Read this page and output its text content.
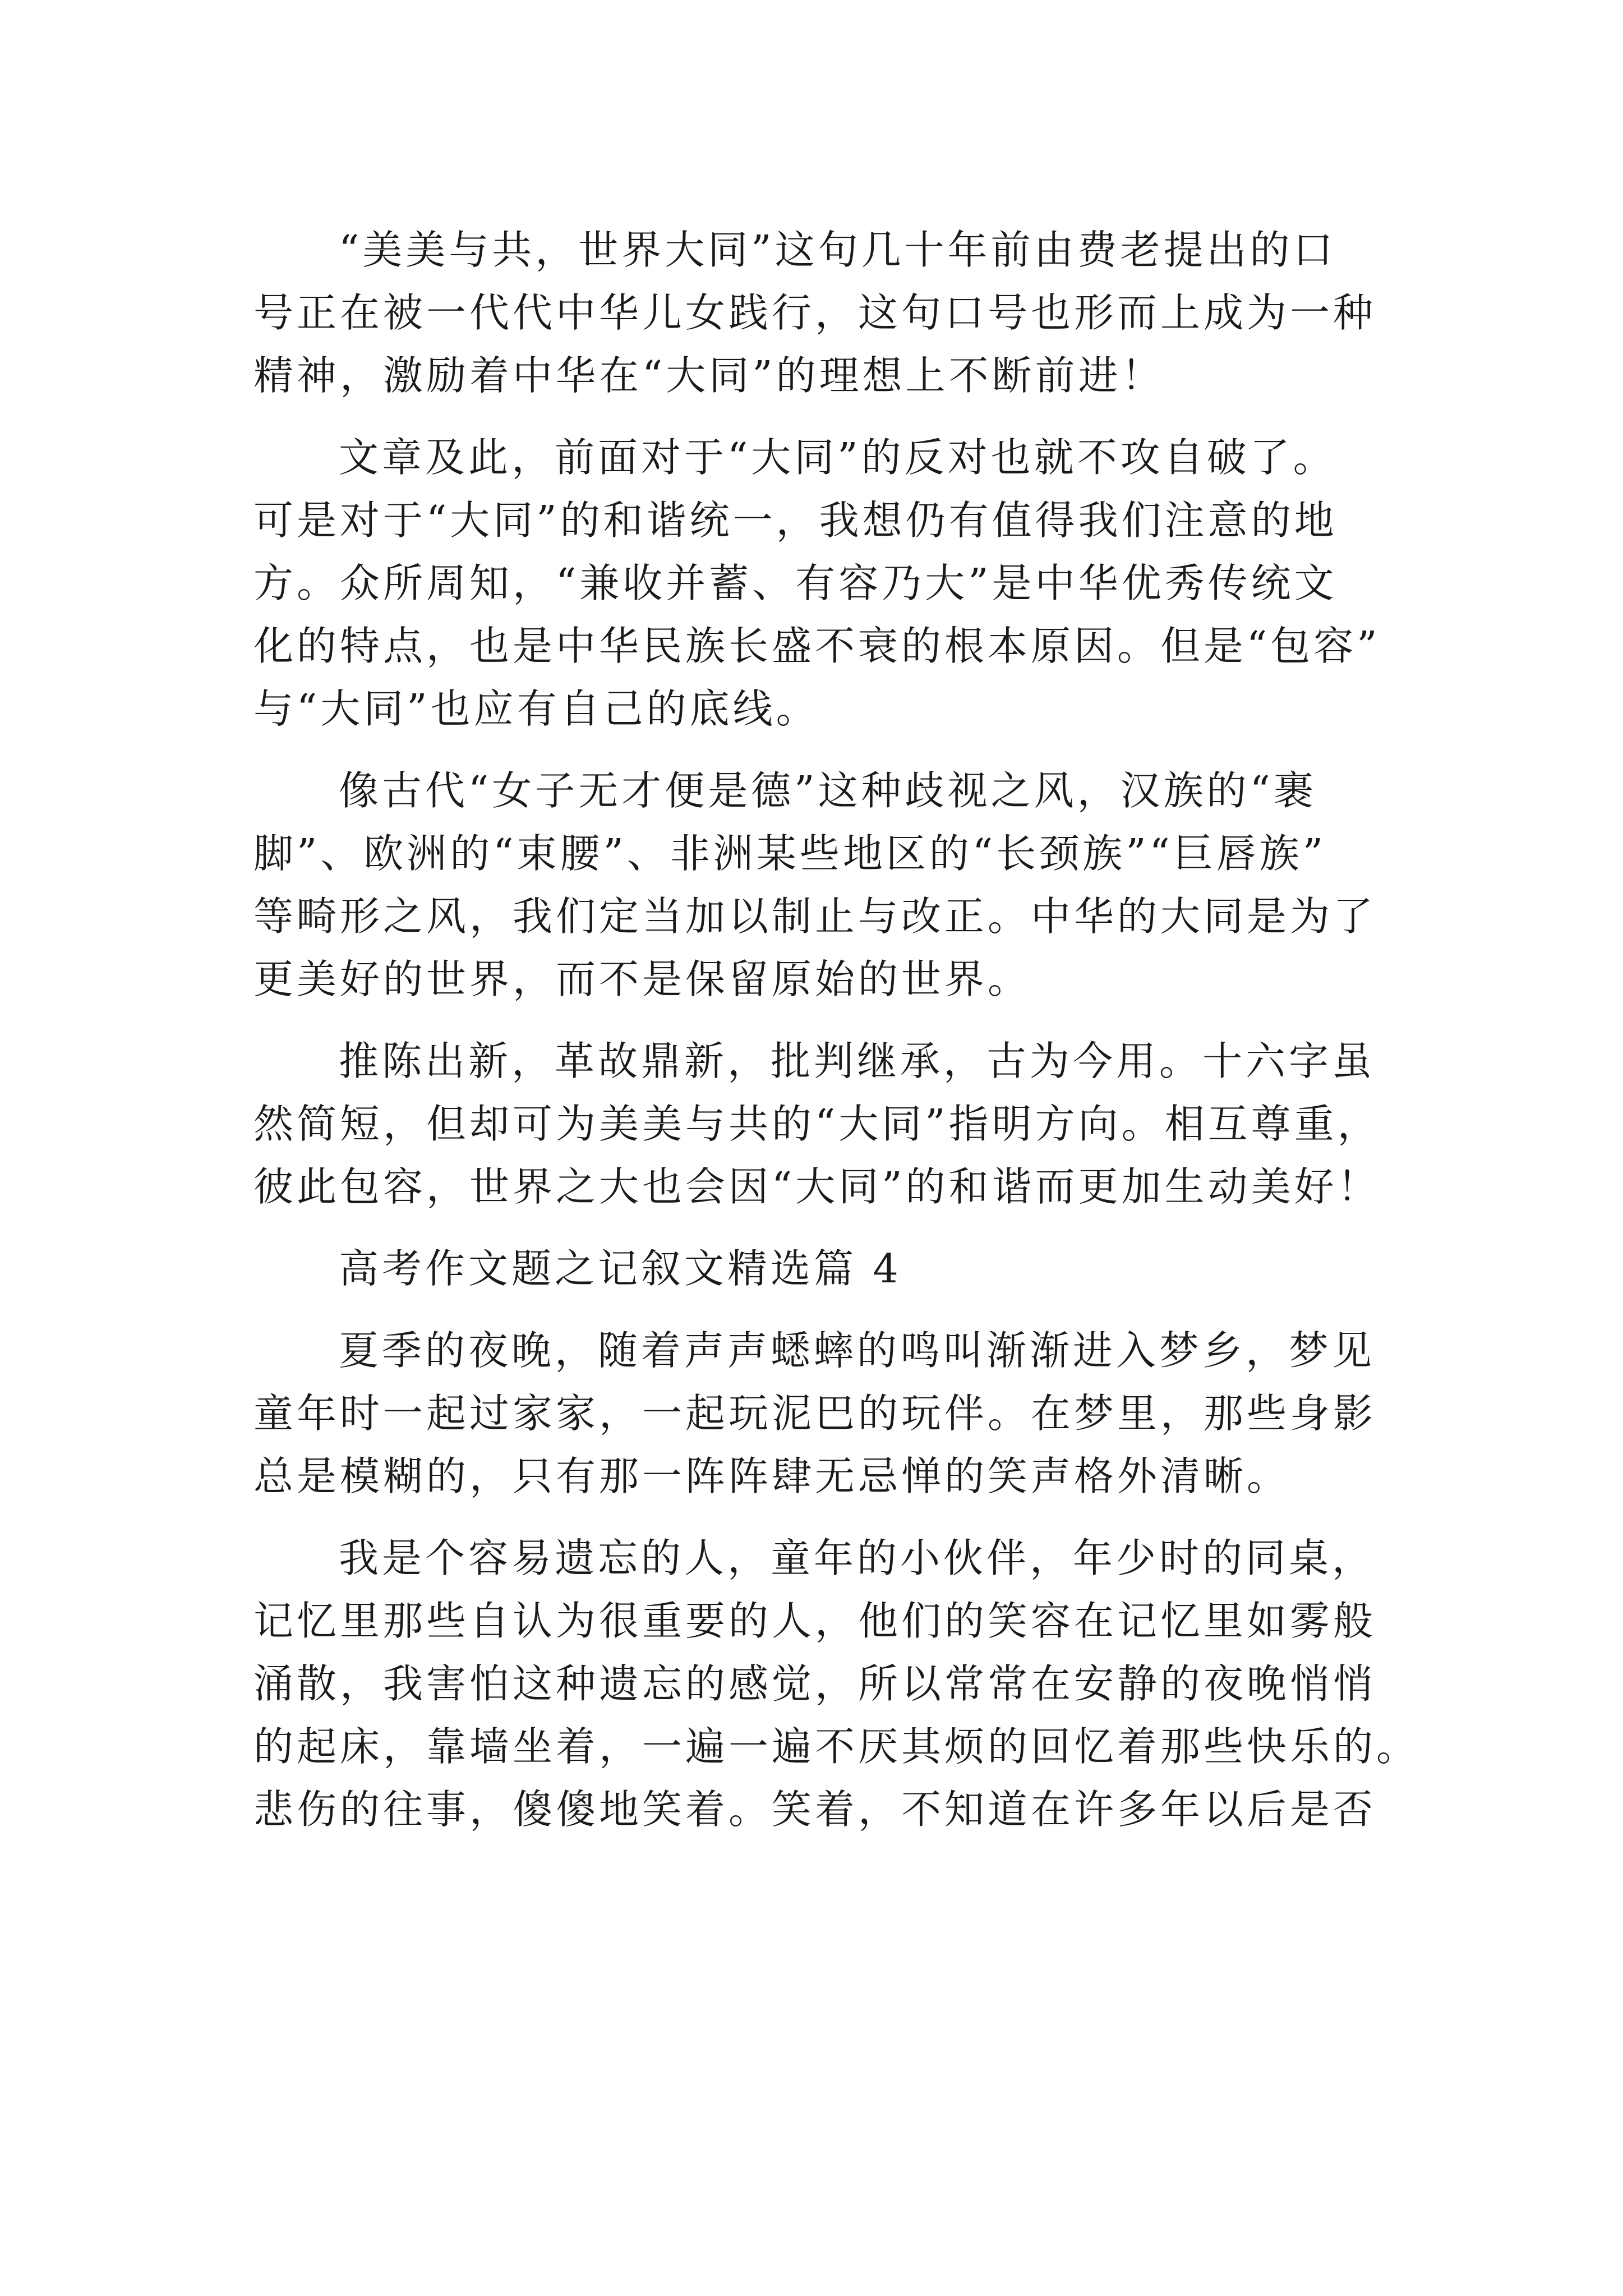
“美美与共，世界大同”这句几十年前由费老提出的口
号正在被一代代中华儿女践行，这句口号也形而上成为一种
精神，激励着中华在“大同”的理想上不断前进！
文章及此，前面对于“大同”的反对也就不攻自破了。
可是对于“大同”的和谐统一，我想仍有值得我们注意的地
方。众所周知，“兼收并蓄、有容乃大”是中华优秀传统文
化的特点，也是中华民族长盛不衰的根本原因。但是“包容”
与“大同”也应有自己的底线。
像古代“女子无才便是德”这种歧视之风，汉族的“裹
脚”、欧洲的“束腰”、非洲某些地区的“长颈族”“巨唇族”
等畸形之风，我们定当加以制止与改正。中华的大同是为了
更美好的世界，而不是保留原始的世界。
推陈出新，革故鼎新，批判继承，古为今用。十六字虽
然简短，但却可为美美与共的“大同”指明方向。相互尊重，
彼此包容，世界之大也会因“大同”的和谐而更加生动美好！
高考作文题之记叙文精选篇 4
夏季的夜晚，随着声声蟋蟀的鸣叫渐渐进入梦乡，梦见
童年时一起过家家，一起玩泥巴的玩伴。在梦里，那些身影
总是模糊的，只有那一阵阵肆无忌惮的笑声格外清晰。
我是个容易遗忘的人，童年的小伙伴，年少时的同桌，
记忆里那些自认为很重要的人，他们的笑容在记忆里如雾般
涌散，我害怕这种遗忘的感觉，所以常常在安静的夜晚悄悄
的起床，靠墙坐着，一遍一遍不厌其烦的回忆着那些快乐的。
悲伤的往事，傻傻地笑着。笑着，不知道在许多年以后是否
